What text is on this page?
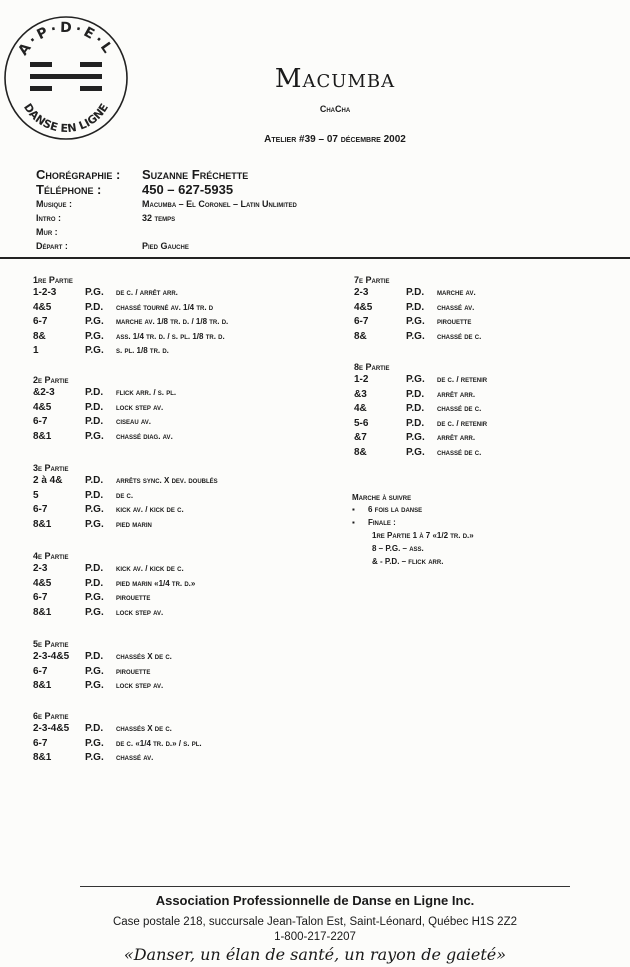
A·P·D·E·L
DANSE EN LIGNE
Macumba
ChaCha
Atelier #39 – 07 décembre 2002
Chorégraphie :	Suzanne Fréchette
Téléphone :	450 – 627-5935
Musique :	Macumba – El Coronel – Latin Unlimited
Intro :	32 temps
Mur :
Départ :	Pied Gauche
1re Partie
1-2-3	P.G.	de c. / arrêt arr.
4&5	P.D.	chassé tourné av. 1/4 tr. d
6-7	P.G.	marche av. 1/8 tr. d. / 1/8 tr. d.
8&	P.G.	ass. 1/4 tr. d. / s. pl. 1/8 tr. d.
1	P.G.	s. pl. 1/8 tr. d.
2e Partie
&2-3	P.D.	flick arr. / s. pl.
4&5	P.D.	lock step av.
6-7	P.D.	ciseau av.
8&1	P.G.	chassé diag. av.
3e Partie
2 à 4&	P.D.	arrêts sync. X dev. doublés
5	P.D.	de c.
6-7	P.G.	kick av. / kick de c.
8&1	P.G.	pied marin
4e Partie
2-3	P.D.	kick av. / kick de c.
4&5	P.D.	pied marin «1/4 tr. d.»
6-7	P.G.	pirouette
8&1	P.G.	lock step av.
5e Partie
2-3-4&5	P.D.	chassés X de c.
6-7	P.G.	pirouette
8&1	P.G.	lock step av.
6e Partie
2-3-4&5	P.D.	chassés X de c.
6-7	P.G.	de c. «1/4 tr. d.» / s. pl.
8&1	P.G.	chassé av.
7e Partie
2-3	P.D.	marche av.
4&5	P.D.	chassé av.
6-7	P.G.	pirouette
8&	P.G.	chassé de c.
8e Partie
1-2	P.G.	de c. / retenir
&3	P.D.	arrêt arr.
4&	P.D.	chassé de c.
5-6	P.D.	de c. / retenir
&7	P.G.	arrêt arr.
8&	P.G.	chassé de c.
Marche à suivre
▪	6 fois la danse
▪	Finale :
1re Partie 1 à 7 «1/2 tr. d.»
8 – P.G. – ass.
& - P.D. – flick arr.
Association Professionnelle de Danse en Ligne Inc.
Case postale 218, succursale Jean-Talon Est, Saint-Léonard, Québec H1S 2Z2
1-800-217-2207
«Danser, un élan de santé, un rayon de gaieté»
